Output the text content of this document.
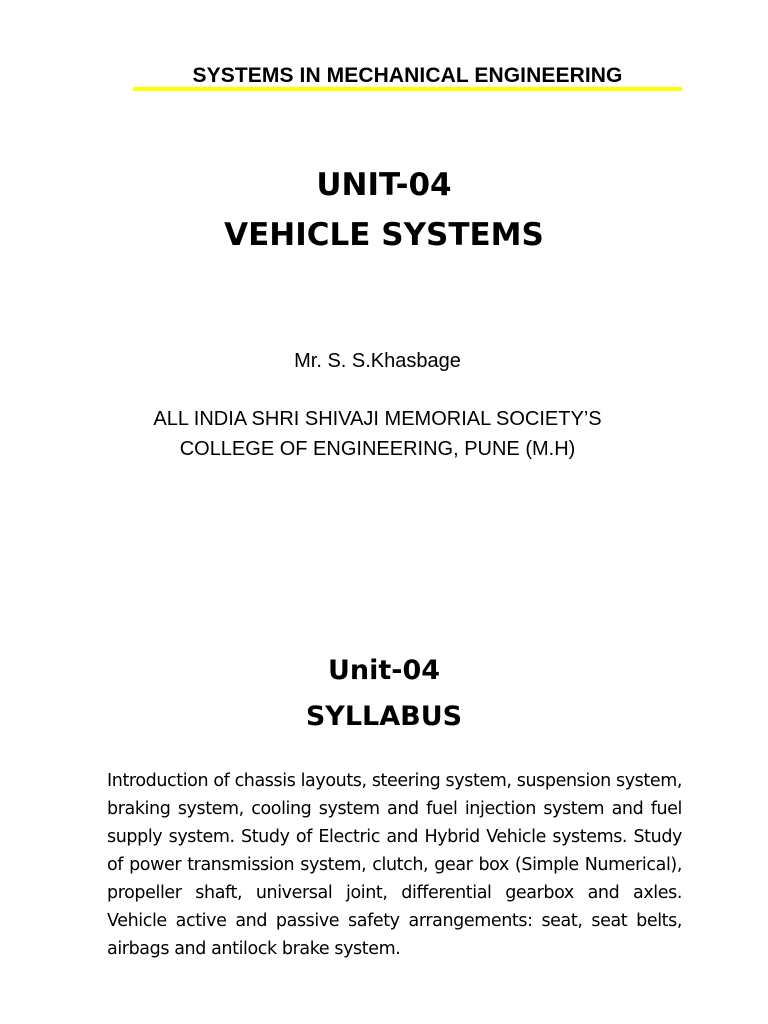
SYSTEMS IN MECHANICAL ENGINEERING
UNIT-04
VEHICLE SYSTEMS
Mr. S. S.Khasbage
ALL INDIA SHRI SHIVAJI MEMORIAL SOCIETY’S
COLLEGE OF ENGINEERING, PUNE (M.H)
Unit-04
SYLLABUS
Introduction of chassis layouts, steering system, suspension system, braking system, cooling system and fuel injection system and fuel supply system. Study of Electric and Hybrid Vehicle systems. Study of power transmission system, clutch, gear box (Simple Numerical), propeller shaft, universal joint, differential gearbox and axles. Vehicle active and passive safety arrangements: seat, seat belts, airbags and antilock brake system.
